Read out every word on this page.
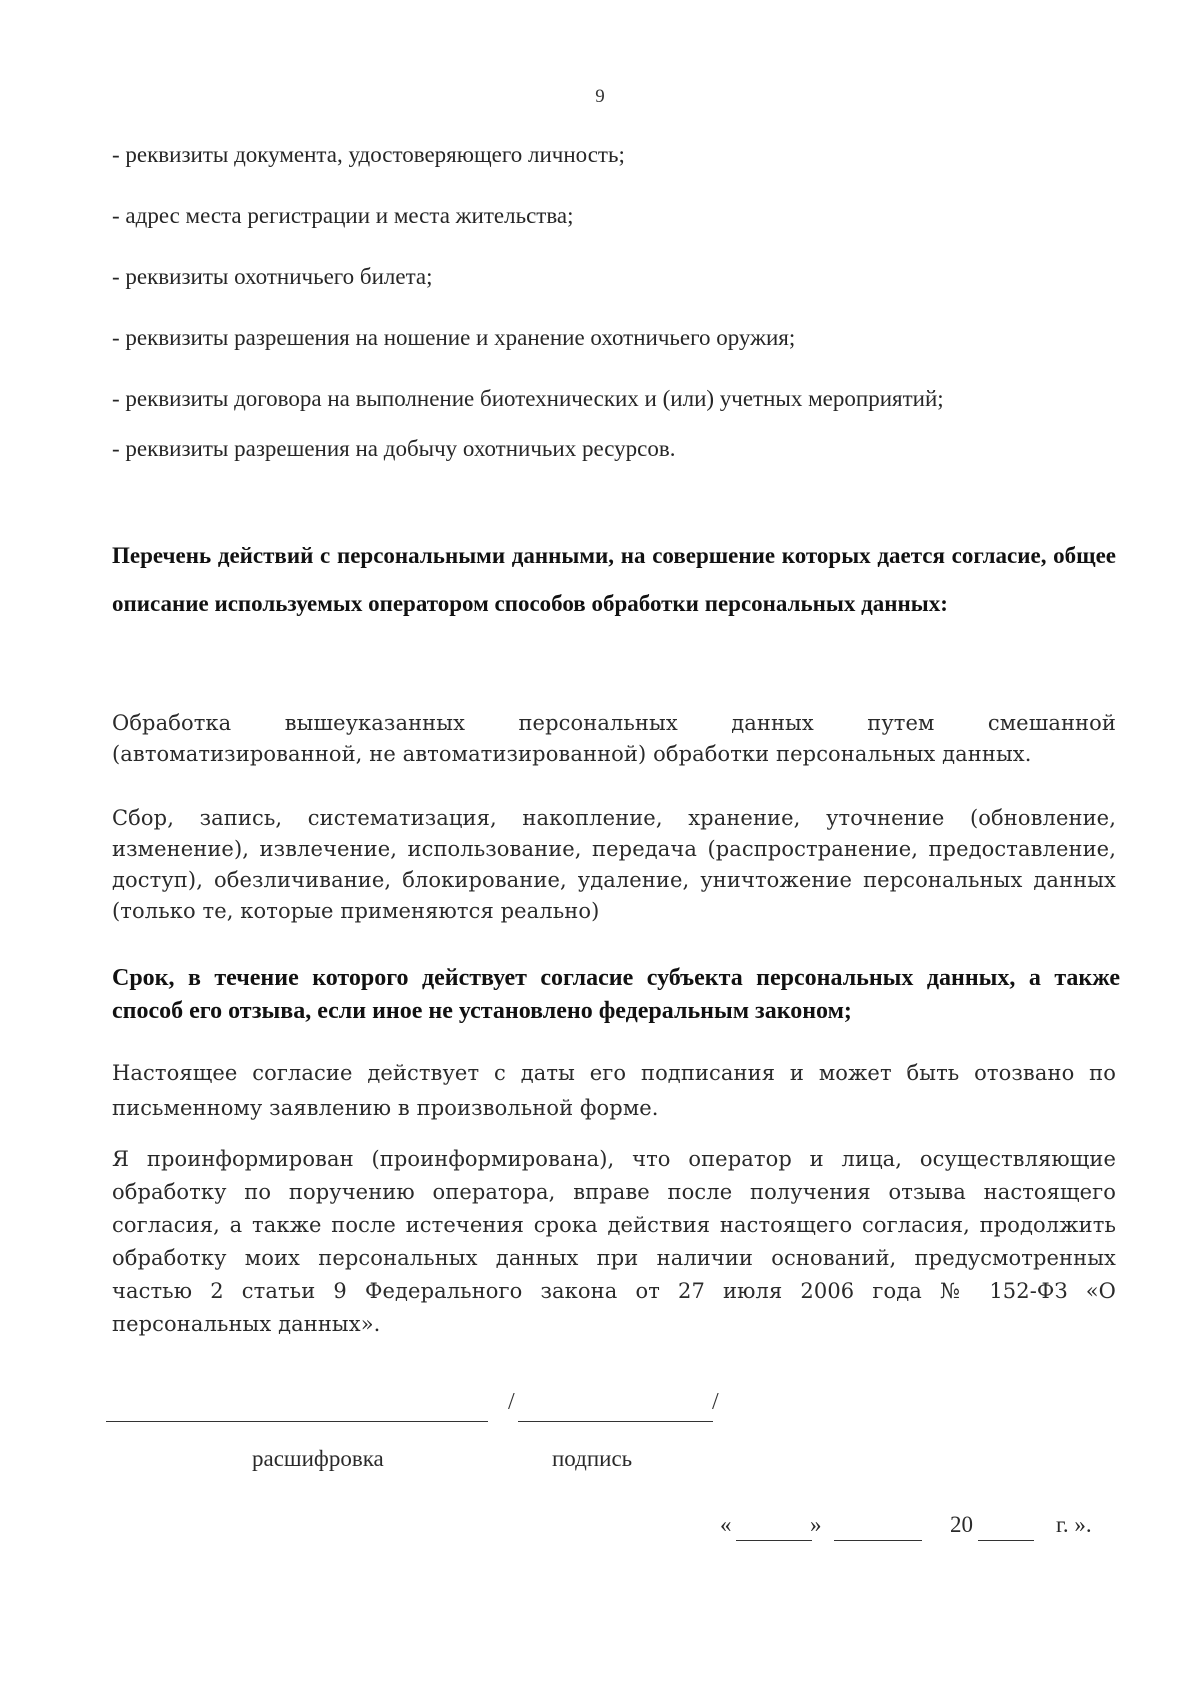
9
- реквизиты документа, удостоверяющего личность;
- адрес места регистрации и места жительства;
- реквизиты охотничьего билета;
- реквизиты разрешения на ношение и хранение охотничьего оружия;
- реквизиты договора на выполнение биотехнических и (или) учетных мероприятий;
- реквизиты разрешения на добычу охотничьих ресурсов.
Перечень действий с персональными данными, на совершение которых дается согласие, общее описание используемых оператором способов обработки персональных данных:
Обработка вышеуказанных персональных данных путем смешанной (автоматизированной, не автоматизированной) обработки персональных данных.
Сбор, запись, систематизация, накопление, хранение, уточнение (обновление, изменение), извлечение, использование, передача (распространение, предоставление, доступ), обезличивание, блокирование, удаление, уничтожение персональных данных (только те, которые применяются реально)
Срок, в течение которого действует согласие субъекта персональных данных, а также способ его отзыва, если иное не установлено федеральным законом;
Настоящее согласие действует с даты его подписания и может быть отозвано по письменному заявлению в произвольной форме.
Я проинформирован (проинформирована), что оператор и лица, осуществляющие обработку по поручению оператора, вправе после получения отзыва настоящего согласия, а также после истечения срока действия настоящего согласия, продолжить обработку моих персональных данных при наличии оснований, предусмотренных частью 2 статьи 9 Федерального закона от 27 июля 2006 года № 152-ФЗ «О персональных данных».
/	/
расшифровка	подпись
«	»	20	г. ».
